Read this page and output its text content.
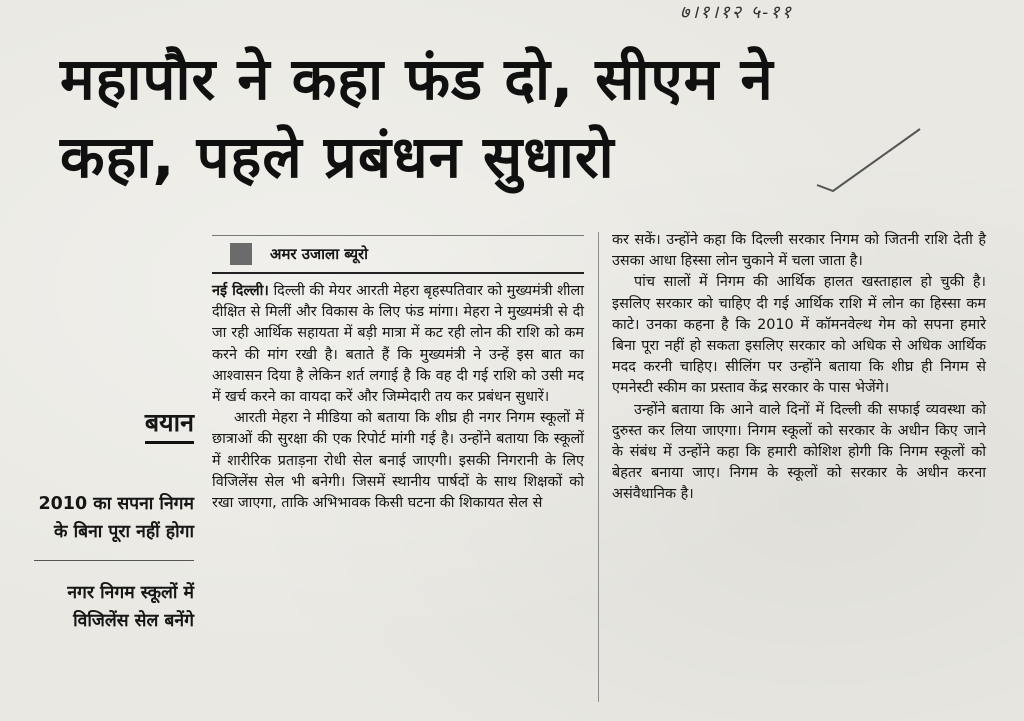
७।१।१२ ५-११
महापौर ने कहा फंड दो, सीएम ने
कहा, पहले प्रबंधन सुधारो
अमर उजाला ब्यूरो

नई दिल्ली। दिल्ली की मेयर आरती मेहरा बृहस्पतिवार को मुख्यमंत्री शीला दीक्षित से मिलीं और विकास के लिए फंड मांगा। मेहरा ने मुख्यमंत्री से दी जा रही आर्थिक सहायता में बड़ी मात्रा में कट रही लोन की राशि को कम करने की मांग रखी है। बताते हैं कि मुख्यमंत्री ने उन्हें इस बात का आश्वासन दिया है लेकिन शर्त लगाई है कि वह दी गई राशि को उसी मद में खर्च करने का वायदा करें और जिम्मेदारी तय कर प्रबंधन सुधारें।

आरती मेहरा ने मीडिया को बताया कि शीघ्र ही नगर निगम स्कूलों में छात्राओं की सुरक्षा की एक रिपोर्ट मांगी गई है। उन्होंने बताया कि स्कूलों में शारीरिक प्रताड़ना रोधी सेल बनाई जाएगी। इसकी निगरानी के लिए विजिलेंस सेल भी बनेगी। जिसमें स्थानीय पार्षदों के साथ शिक्षकों को रखा जाएगा, ताकि अभिभावक किसी घटना की शिकायत सेल से

कर सकें। उन्होंने कहा कि दिल्ली सरकार निगम को जितनी राशि देती है उसका आधा हिस्सा लोन चुकाने में चला जाता है।

पांच सालों में निगम की आर्थिक हालत खस्ताहाल हो चुकी है। इसलिए सरकार को चाहिए दी गई आर्थिक राशि में लोन का हिस्सा कम काटे। उनका कहना है कि 2010 में कॉमनवेल्थ गेम को सपना हमारे बिना पूरा नहीं हो सकता इसलिए सरकार को अधिक से अधिक आर्थिक मदद करनी चाहिए। सीलिंग पर उन्होंने बताया कि शीघ्र ही निगम से एमनेस्टी स्कीम का प्रस्ताव केंद्र सरकार के पास भेजेंगे।

उन्होंने बताया कि आने वाले दिनों में दिल्ली की सफाई व्यवस्था को दुरुस्त कर लिया जाएगा। निगम स्कूलों को सरकार के अधीन किए जाने के संबंध में उन्होंने कहा कि हमारी कोशिश होगी कि निगम स्कूलों को बेहतर बनाया जाए। निगम के स्कूलों को सरकार के अधीन करना असंवैधानिक है।

बयान

2010 का सपना निगम के बिना पूरा नहीं होगा

नगर निगम स्कूलों में विजिलेंस सेल बनेंगे
